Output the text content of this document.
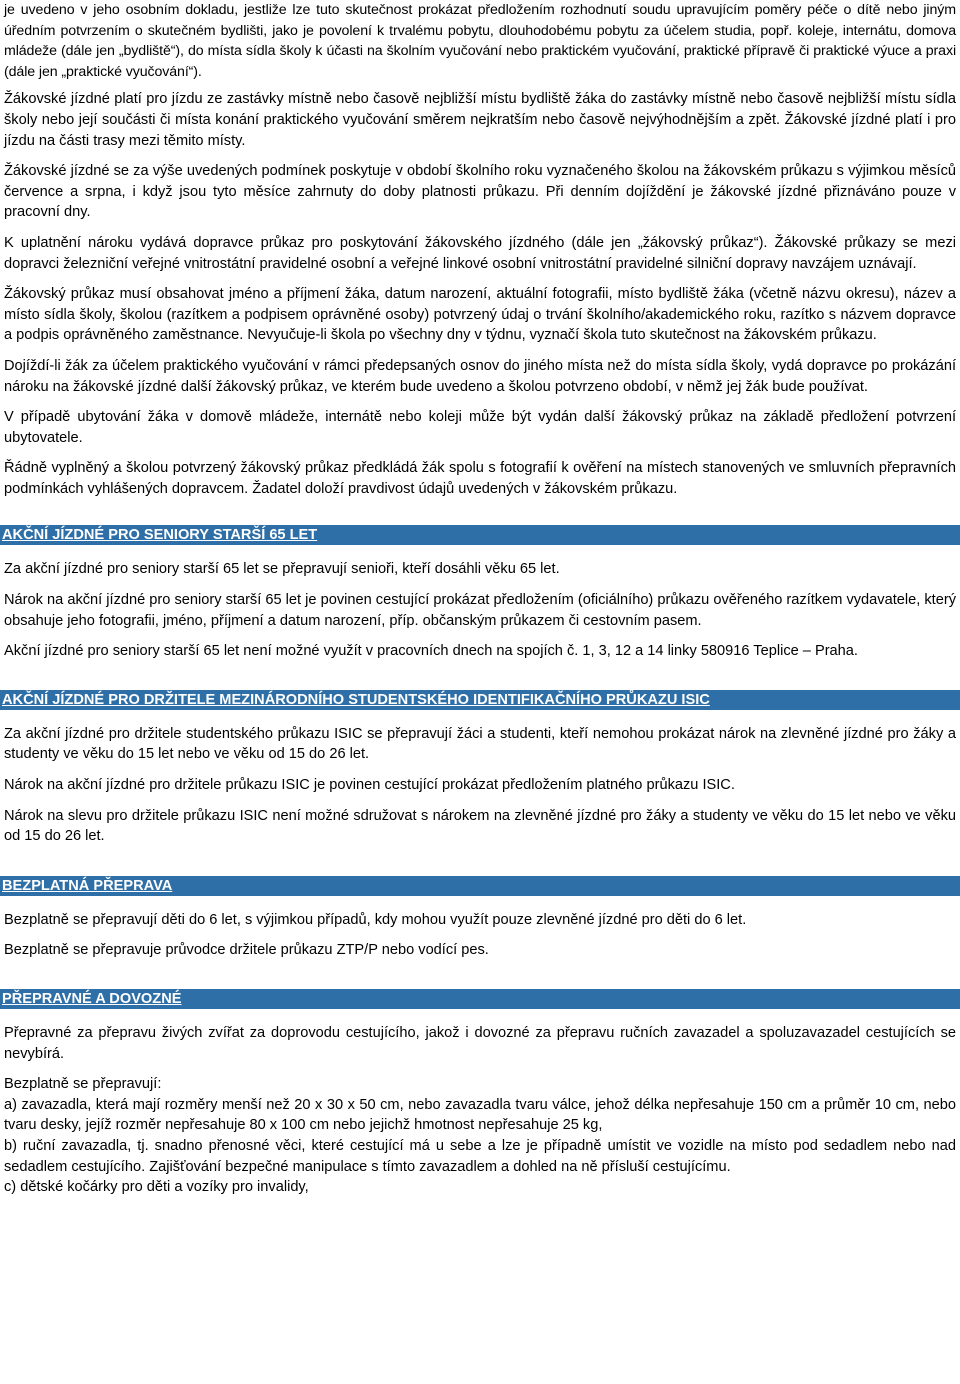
je uvedeno v jeho osobním dokladu, jestliže lze tuto skutečnost prokázat předložením rozhodnutí soudu upravujícím poměry péče o dítě nebo jiným úředním potvrzením o skutečném bydlišti, jako je povolení k trvalému pobytu, dlouhodobému pobytu za účelem studia, popř. koleje, internátu, domova mládeže (dále jen „bydliště“), do místa sídla školy k účasti na školním vyučování nebo praktickém vyučování, praktické přípravě či praktické výuce a praxi (dále jen „praktické vyučování“).

Žákovské jízdné platí pro jízdu ze zastávky místně nebo časově nejbližší místu bydliště žáka do zastávky místně nebo časově nejbližší místu sídla školy nebo její součásti či místa konání praktického vyučování směrem nejkratším nebo časově nejvýhodnějším a zpět. Žákovské jízdné platí i pro jízdu na části trasy mezi těmito místy.

Žákovské jízdné se za výše uvedených podmínek poskytuje v období školního roku vyznačeného školou na žákovském průkazu s výjimkou měsíců července a srpna, i když jsou tyto měsíce zahrnuty do doby platnosti průkazu. Při denním dojíždění je žákovské jízdné přiznáváno pouze v pracovní dny.

K uplatnění nároku vydává dopravce průkaz pro poskytování žákovského jízdného (dále jen „žákovský průkaz“). Žákovské průkazy se mezi dopravci železniční veřejné vnitrostátní pravidelné osobní a veřejné linkové osobní vnitrostátní pravidelné silniční dopravy navzájem uznávají.

Žákovský průkaz musí obsahovat jméno a příjmení žáka, datum narození, aktuální fotografii, místo bydliště žáka (včetně názvu okresu), název a místo sídla školy, školou (razítkem a podpisem oprávněné osoby) potvrzený údaj o trvání školního/akademického roku, razítko s názvem dopravce a podpis oprávněného zaměstnance. Nevyučuje-li škola po všechny dny v týdnu, vyznačí škola tuto skutečnost na žákovském průkazu.

Dojíždí-li žák za účelem praktického vyučování v rámci předepsaných osnov do jiného místa než do místa sídla školy, vydá dopravce po prokázání nároku na žákovské jízdné další žákovský průkaz, ve kterém bude uvedeno a školou potvrzeno období, v němž jej žák bude používat.

V případě ubytování žáka v domově mládeže, internátě nebo koleji může být vydán další žákovský průkaz na základě předložení potvrzení ubytovatele.

Řádně vyplněný a školou potvrzený žákovský průkaz předkládá žák spolu s fotografií k ověření na místech stanovených ve smluvních přepravních podmínkách vyhlášených dopravcem. Žadatel doloží pravdivost údajů uvedených v žákovském průkazu.

AKČNÍ JÍZDNÉ PRO SENIORY STARŠÍ 65 LET

Za akční jízdné pro seniory starší 65 let se přepravují senioři, kteří dosáhli věku 65 let.

Nárok na akční jízdné pro seniory starší 65 let je povinen cestující prokázat předložením (oficiálního) průkazu ověřeného razítkem vydavatele, který obsahuje jeho fotografii, jméno, příjmení a datum narození, příp. občanským průkazem či cestovním pasem.

Akční jízdné pro seniory starší 65 let není možné využít v pracovních dnech na spojích č. 1, 3, 12 a 14 linky 580916 Teplice – Praha.

AKČNÍ JÍZDNÉ PRO DRŽITELE MEZINÁRODNÍHO STUDENTSKÉHO IDENTIFIKAČNÍHO PRŮKAZU ISIC

Za akční jízdné pro držitele studentského průkazu ISIC se přepravují žáci a studenti, kteří nemohou prokázat nárok na zlevněné jízdné pro žáky a studenty ve věku do 15 let nebo ve věku od 15 do 26 let.

Nárok na akční jízdné pro držitele průkazu ISIC je povinen cestující prokázat předložením platného průkazu ISIC.

Nárok na slevu pro držitele průkazu ISIC není možné sdružovat s nárokem na zlevněné jízdné pro žáky a studenty ve věku do 15 let nebo ve věku od 15 do 26 let.

BEZPLATNÁ PŘEPRAVA

Bezplatně se přepravují děti do 6 let, s výjimkou případů, kdy mohou využít pouze zlevněné jízdné pro děti do 6 let.

Bezplatně se přepravuje průvodce držitele průkazu ZTP/P nebo vodící pes.

PŘEPRAVNÉ A DOVOZNÉ

Přepravné za přepravu živých zvířat za doprovodu cestujícího, jakož i dovozné za přepravu ručních zavazadel a spoluzavazadel cestujících se nevybírá.

Bezplatně se přepravují:

a) zavazadla, která mají rozměry menší než 20 x 30 x 50 cm, nebo zavazadla tvaru válce, jehož délka nepřesahuje 150 cm a průměr 10 cm, nebo tvaru desky, jejíž rozměr nepřesahuje 80 x 100 cm nebo jejichž hmotnost nepřesahuje 25 kg,

b) ruční zavazadla, tj. snadno přenosné věci, které cestující má u sebe a lze je případně umístit ve vozidle na místo pod sedadlem nebo nad sedadlem cestujícího. Zajišťování bezpečné manipulace s tímto zavazadlem a dohled na ně přísluší cestujícímu.

c) dětské kočárky pro děti a vozíky pro invalidy,
